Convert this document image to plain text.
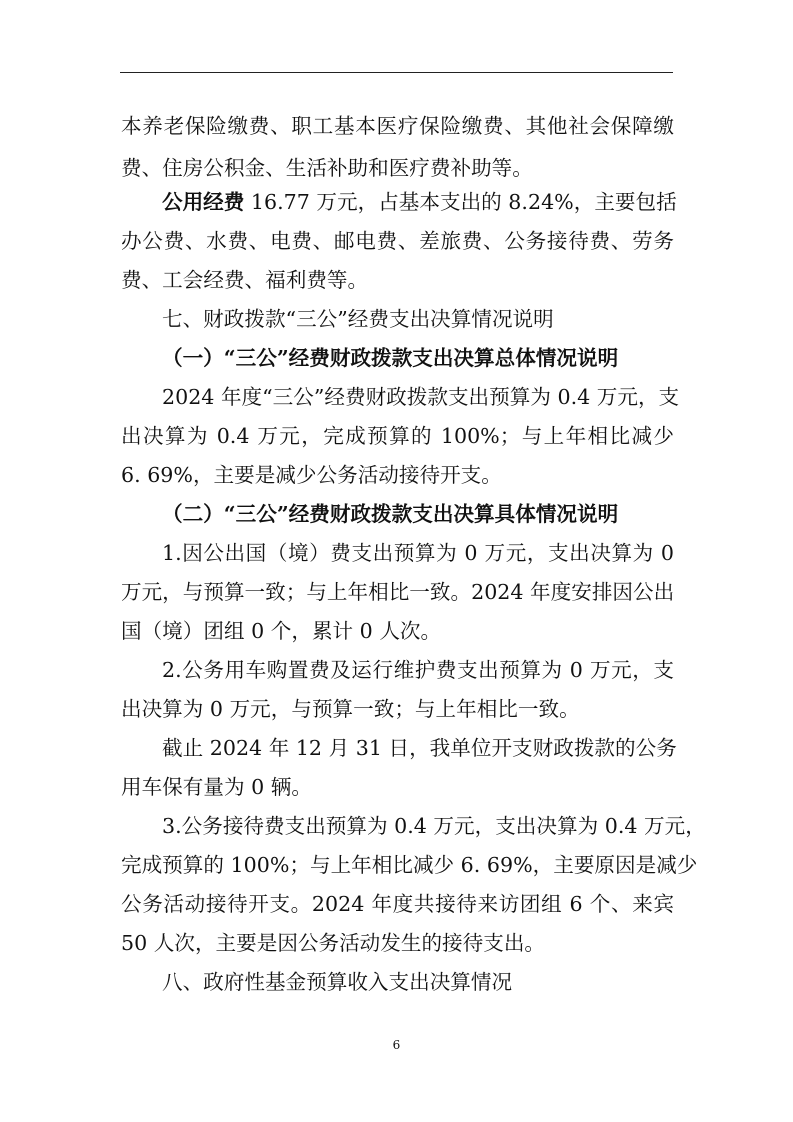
本养老保险缴费、职工基本医疗保险缴费、其他社会保障缴
费、住房公积金、生活补助和医疗费补助等。
公用经费 16.77 万元，占基本支出的 8.24%，主要包括
办公费、水费、电费、邮电费、差旅费、公务接待费、劳务
费、工会经费、福利费等。
七、财政拨款“三公”经费支出决算情况说明
（一）“三公”经费财政拨款支出决算总体情况说明
2024 年度“三公”经费财政拨款支出预算为 0.4 万元，支
出决算为 0.4 万元，完成预算的 100%；与上年相比减少
6. 69%，主要是减少公务活动接待开支。
（二）“三公”经费财政拨款支出决算具体情况说明
1.因公出国（境）费支出预算为 0 万元，支出决算为 0
万元，与预算一致；与上年相比一致。2024 年度安排因公出
国（境）团组 0 个，累计 0 人次。
2.公务用车购置费及运行维护费支出预算为 0 万元，支
出决算为 0 万元，与预算一致；与上年相比一致。
截止 2024 年 12 月 31 日，我单位开支财政拨款的公务
用车保有量为 0 辆。
3.公务接待费支出预算为 0.4 万元，支出决算为 0.4 万元，
完成预算的 100%；与上年相比减少 6. 69%，主要原因是减少
公务活动接待开支。2024 年度共接待来访团组 6 个、来宾
50 人次，主要是因公务活动发生的接待支出。
八、政府性基金预算收入支出决算情况
6
